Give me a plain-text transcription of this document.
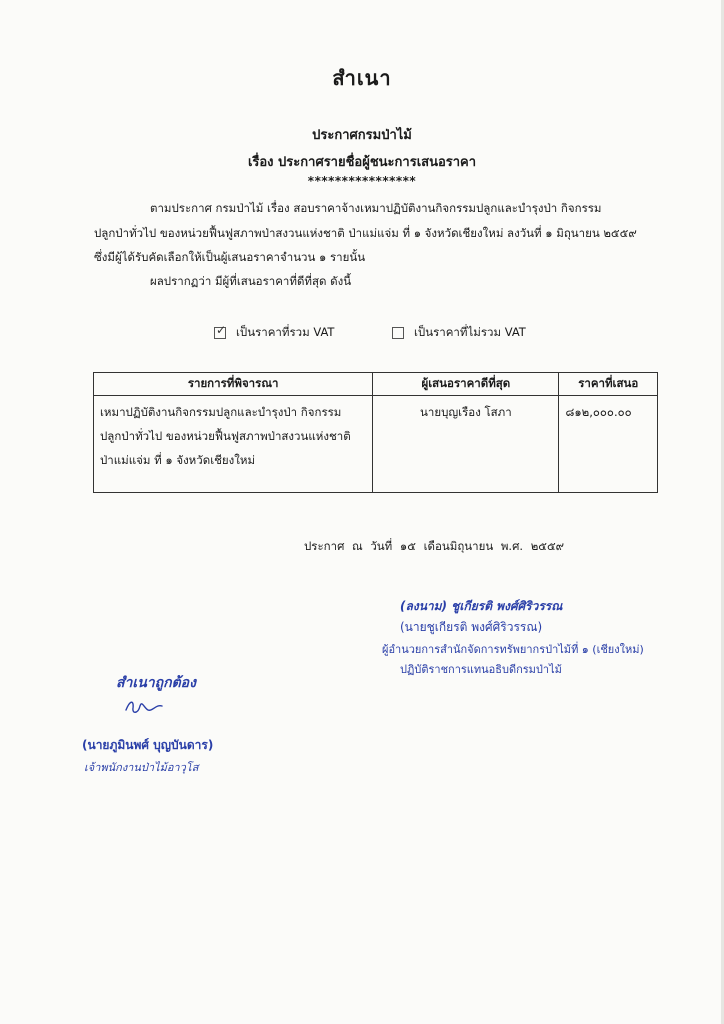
สำเนา
ประกาศกรมป่าไม้
เรื่อง ประกาศรายชื่อผู้ชนะการเสนอราคา
****************
ตามประกาศ กรมป่าไม้ เรื่อง สอบราคาจ้างเหมาปฏิบัติงานกิจกรรมปลูกและบำรุงป่า กิจกรรม
ปลูกป่าทั่วไป ของหน่วยฟื้นฟูสภาพป่าสงวนแห่งชาติ ป่าแม่แจ่ม ที่ ๑ จังหวัดเชียงใหม่ ลงวันที่ ๑ มิถุนายน ๒๕๕๙
ซึ่งมีผู้ได้รับคัดเลือกให้เป็นผู้เสนอราคาจำนวน ๑ รายนั้น
ผลปรากฏว่า มีผู้ที่เสนอราคาที่ดีที่สุด ดังนี้
✓ เป็นราคาที่รวม VAT	เป็นราคาที่ไม่รวม VAT
รายการที่พิจารณา	ผู้เสนอราคาดีที่สุด	ราคาที่เสนอ

เหมาปฏิบัติงานกิจกรรมปลูกและบำรุงป่า กิจกรรม
ปลูกป่าทั่วไป ของหน่วยฟื้นฟูสภาพป่าสงวนแห่งชาติ
ป่าแม่แจ่ม ที่ ๑ จังหวัดเชียงใหม่	นายบุญเรือง โสภา	๘๑๒,๐๐๐.๐๐
ประกาศ ณ วันที่ ๑๕ เดือนมิถุนายน พ.ศ. ๒๕๕๙
(ลงนาม) ชูเกียรติ พงศ์ศิริวรรณ
(นายชูเกียรติ พงศ์ศิริวรรณ)
ผู้อำนวยการสำนักจัดการทรัพยากรป่าไม้ที่ ๑ (เชียงใหม่)
ปฏิบัติราชการแทนอธิบดีกรมป่าไม้
สำเนาถูกต้อง
(นายภูมินพศ์ บุญบันดาร)
เจ้าพนักงานป่าไม้อาวุโส
